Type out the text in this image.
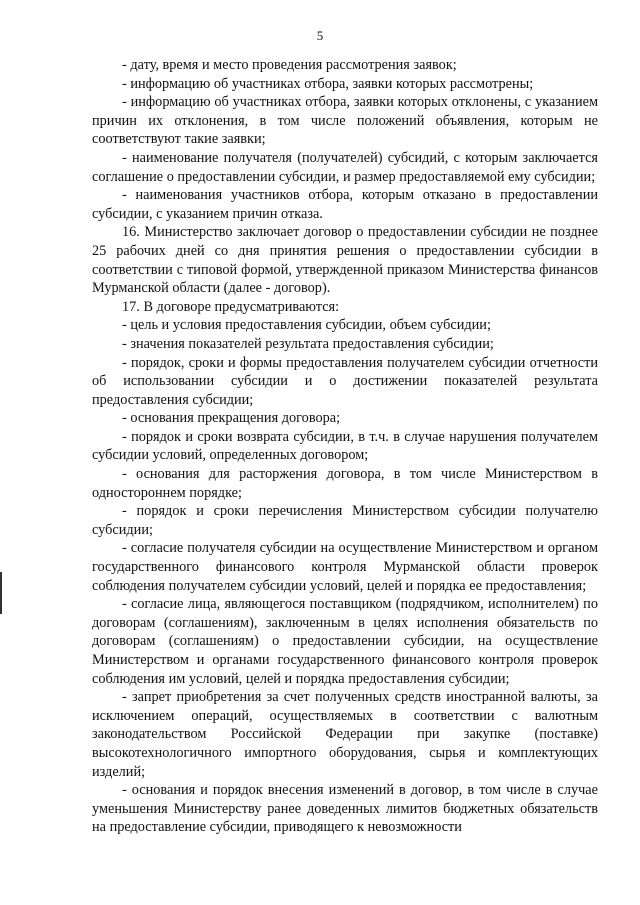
5

- дату, время и место проведения рассмотрения заявок;

- информацию об участниках отбора, заявки которых рассмотрены;

- информацию об участниках отбора, заявки которых отклонены, с указанием причин их отклонения, в том числе положений объявления, которым не соответствуют такие заявки;

- наименование получателя (получателей) субсидий, с которым заключается соглашение о предоставлении субсидии, и размер предоставляемой ему субсидии;

- наименования участников отбора, которым отказано в предоставлении субсидии, с указанием причин отказа.

16. Министерство заключает договор о предоставлении субсидии не позднее 25 рабочих дней со дня принятия решения о предоставлении субсидии в соответствии с типовой формой, утвержденной приказом Министерства финансов Мурманской области (далее - договор).

17. В договоре предусматриваются:

- цель и условия предоставления субсидии, объем субсидии;

- значения показателей результата предоставления субсидии;

- порядок, сроки и формы предоставления получателем субсидии отчетности об использовании субсидии и о достижении показателей результата предоставления субсидии;

- основания прекращения договора;

- порядок и сроки возврата субсидии, в т.ч. в случае нарушения получателем субсидии условий, определенных договором;

- основания для расторжения договора, в том числе Министерством в одностороннем порядке;

- порядок и сроки перечисления Министерством субсидии получателю субсидии;

- согласие получателя субсидии на осуществление Министерством и органом государственного финансового контроля Мурманской области проверок соблюдения получателем субсидии условий, целей и порядка ее предоставления;

- согласие лица, являющегося поставщиком (подрядчиком, исполнителем) по договорам (соглашениям), заключенным в целях исполнения обязательств по договорам (соглашениям) о предоставлении субсидии, на осуществление Министерством и органами государственного финансового контроля проверок соблюдения им условий, целей и порядка предоставления субсидии;

- запрет приобретения за счет полученных средств иностранной валюты, за исключением операций, осуществляемых в соответствии с валютным законодательством Российской Федерации при закупке (поставке) высокотехнологичного импортного оборудования, сырья и комплектующих изделий;

- основания и порядок внесения изменений в договор, в том числе в случае уменьшения Министерству ранее доведенных лимитов бюджетных обязательств на предоставление субсидии, приводящего к невозможности
